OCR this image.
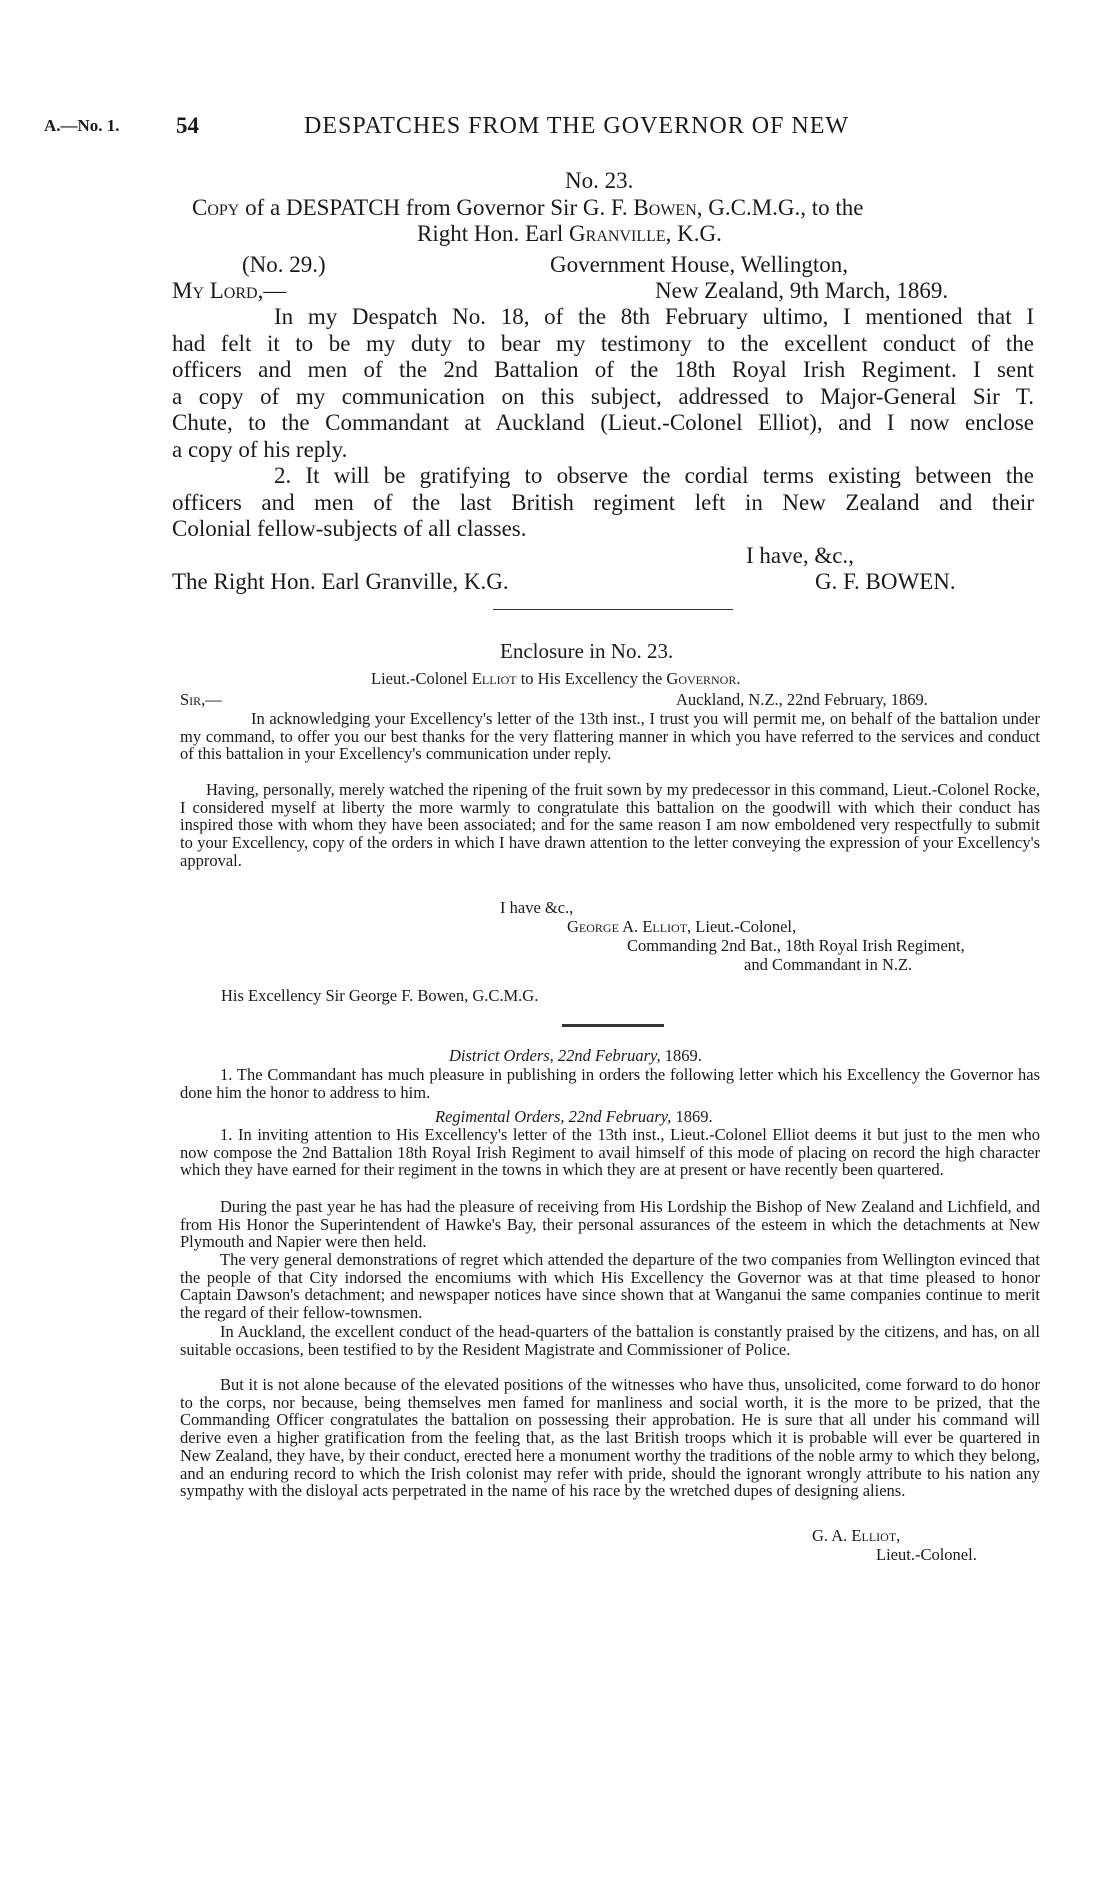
A.—No. 1. 54	DESPATCHES FROM THE GOVERNOR OF NEW
No. 23.
Copy of a DESPATCH from Governor Sir G. F. Bowen, G.C.M.G., to the
Right Hon. Earl Granville, K.G.
(No. 29.)	Government House, Wellington,
My Lord,—	New Zealand, 9th March, 1869.
In my Despatch No. 18, of the 8th February ultimo, I mentioned that I
had felt it to be my duty to bear my testimony to the excellent conduct of the
officers and men of the 2nd Battalion of the 18th Royal Irish Regiment. I sent
a copy of my communication on this subject, addressed to Major-General Sir T.
Chute, to the Commandant at Auckland (Lieut.-Colonel Elliot), and I now enclose
a copy of his reply.
2. It will be gratifying to observe the cordial terms existing between the
officers and men of the last British regiment left in New Zealand and their
Colonial fellow-subjects of all classes.
I have, &c.,
The Right Hon. Earl Granville, K.G.	G. F. BOWEN.
Enclosure in No. 23.
Lieut.-Colonel Elliot to His Excellency the Governor.
Sir,—	Auckland, N.Z., 22nd February, 1869.
In acknowledging your Excellency's letter of the 13th inst., I trust you will permit me, on behalf of the battalion under my command, to offer you our best thanks for the very flattering manner in which you have referred to the services and conduct of this battalion in your Excellency's communication under reply.
Having, personally, merely watched the ripening of the fruit sown by my predecessor in this command, Lieut.-Colonel Rocke, I considered myself at liberty the more warmly to congratulate this battalion on the goodwill with which their conduct has inspired those with whom they have been associated; and for the same reason I am now emboldened very respectfully to submit to your Excellency, copy of the orders in which I have drawn attention to the letter conveying the expression of your Excellency's approval.
I have &c.,
George A. Elliot, Lieut.-Colonel,
Commanding 2nd Bat., 18th Royal Irish Regiment,
and Commandant in N.Z.
His Excellency Sir George F. Bowen, G.C.M.G.
District Orders, 22nd February, 1869.
1. The Commandant has much pleasure in publishing in orders the following letter which his Excellency the Governor has done him the honor to address to him.
Regimental Orders, 22nd February, 1869.
1. In inviting attention to His Excellency's letter of the 13th inst., Lieut.-Colonel Elliot deems it but just to the men who now compose the 2nd Battalion 18th Royal Irish Regiment to avail himself of this mode of placing on record the high character which they have earned for their regiment in the towns in which they are at present or have recently been quartered.
During the past year he has had the pleasure of receiving from His Lordship the Bishop of New Zealand and Lichfield, and from His Honor the Superintendent of Hawke's Bay, their personal assurances of the esteem in which the detachments at New Plymouth and Napier were then held.
The very general demonstrations of regret which attended the departure of the two companies from Wellington evinced that the people of that City indorsed the encomiums with which His Excellency the Governor was at that time pleased to honor Captain Dawson's detachment; and newspaper notices have since shown that at Wanganui the same companies continue to merit the regard of their fellow-townsmen.
In Auckland, the excellent conduct of the head-quarters of the battalion is constantly praised by the citizens, and has, on all suitable occasions, been testified to by the Resident Magistrate and Commissioner of Police.
But it is not alone because of the elevated positions of the witnesses who have thus, unsolicited, come forward to do honor to the corps, nor because, being themselves men famed for manliness and social worth, it is the more to be prized, that the Commanding Officer congratulates the battalion on possessing their approbation. He is sure that all under his command will derive even a higher gratification from the feeling that, as the last British troops which it is probable will ever be quartered in New Zealand, they have, by their conduct, erected here a monument worthy the traditions of the noble army to which they belong, and an enduring record to which the Irish colonist may refer with pride, should the ignorant wrongly attribute to his nation any sympathy with the disloyal acts perpetrated in the name of his race by the wretched dupes of designing aliens.
G. A. Elliot,
Lieut.-Colonel.
